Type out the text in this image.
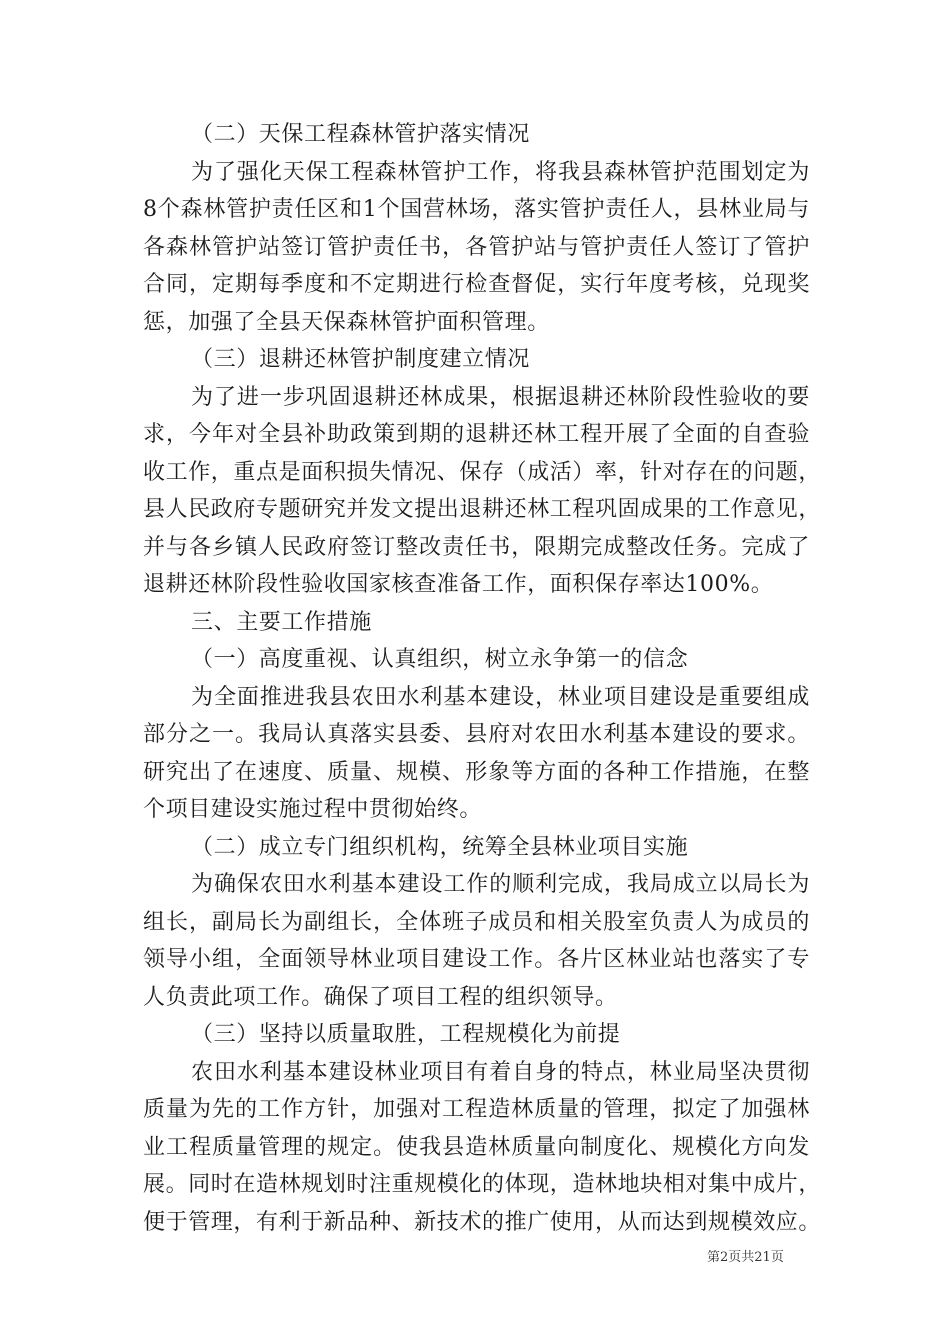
（二）天保工程森林管护落实情况
为了强化天保工程森林管护工作，将我县森林管护范围划定为
8个森林管护责任区和1个国营林场，落实管护责任人，县林业局与
各森林管护站签订管护责任书，各管护站与管护责任人签订了管护
合同，定期每季度和不定期进行检查督促，实行年度考核，兑现奖
惩，加强了全县天保森林管护面积管理。
（三）退耕还林管护制度建立情况
为了进一步巩固退耕还林成果，根据退耕还林阶段性验收的要
求，今年对全县补助政策到期的退耕还林工程开展了全面的自查验
收工作，重点是面积损失情况、保存（成活）率，针对存在的问题，
县人民政府专题研究并发文提出退耕还林工程巩固成果的工作意见，
并与各乡镇人民政府签订整改责任书，限期完成整改任务。完成了
退耕还林阶段性验收国家核查准备工作，面积保存率达100%。
三、主要工作措施
（一）高度重视、认真组织，树立永争第一的信念
为全面推进我县农田水利基本建设，林业项目建设是重要组成
部分之一。我局认真落实县委、县府对农田水利基本建设的要求。
研究出了在速度、质量、规模、形象等方面的各种工作措施，在整
个项目建设实施过程中贯彻始终。
（二）成立专门组织机构，统筹全县林业项目实施
为确保农田水利基本建设工作的顺利完成，我局成立以局长为
组长，副局长为副组长，全体班子成员和相关股室负责人为成员的
领导小组，全面领导林业项目建设工作。各片区林业站也落实了专
人负责此项工作。确保了项目工程的组织领导。
（三）坚持以质量取胜，工程规模化为前提
农田水利基本建设林业项目有着自身的特点，林业局坚决贯彻
质量为先的工作方针，加强对工程造林质量的管理，拟定了加强林
业工程质量管理的规定。使我县造林质量向制度化、规模化方向发
展。同时在造林规划时注重规模化的体现，造林地块相对集中成片，
便于管理，有利于新品种、新技术的推广使用，从而达到规模效应。
第2页共21页
